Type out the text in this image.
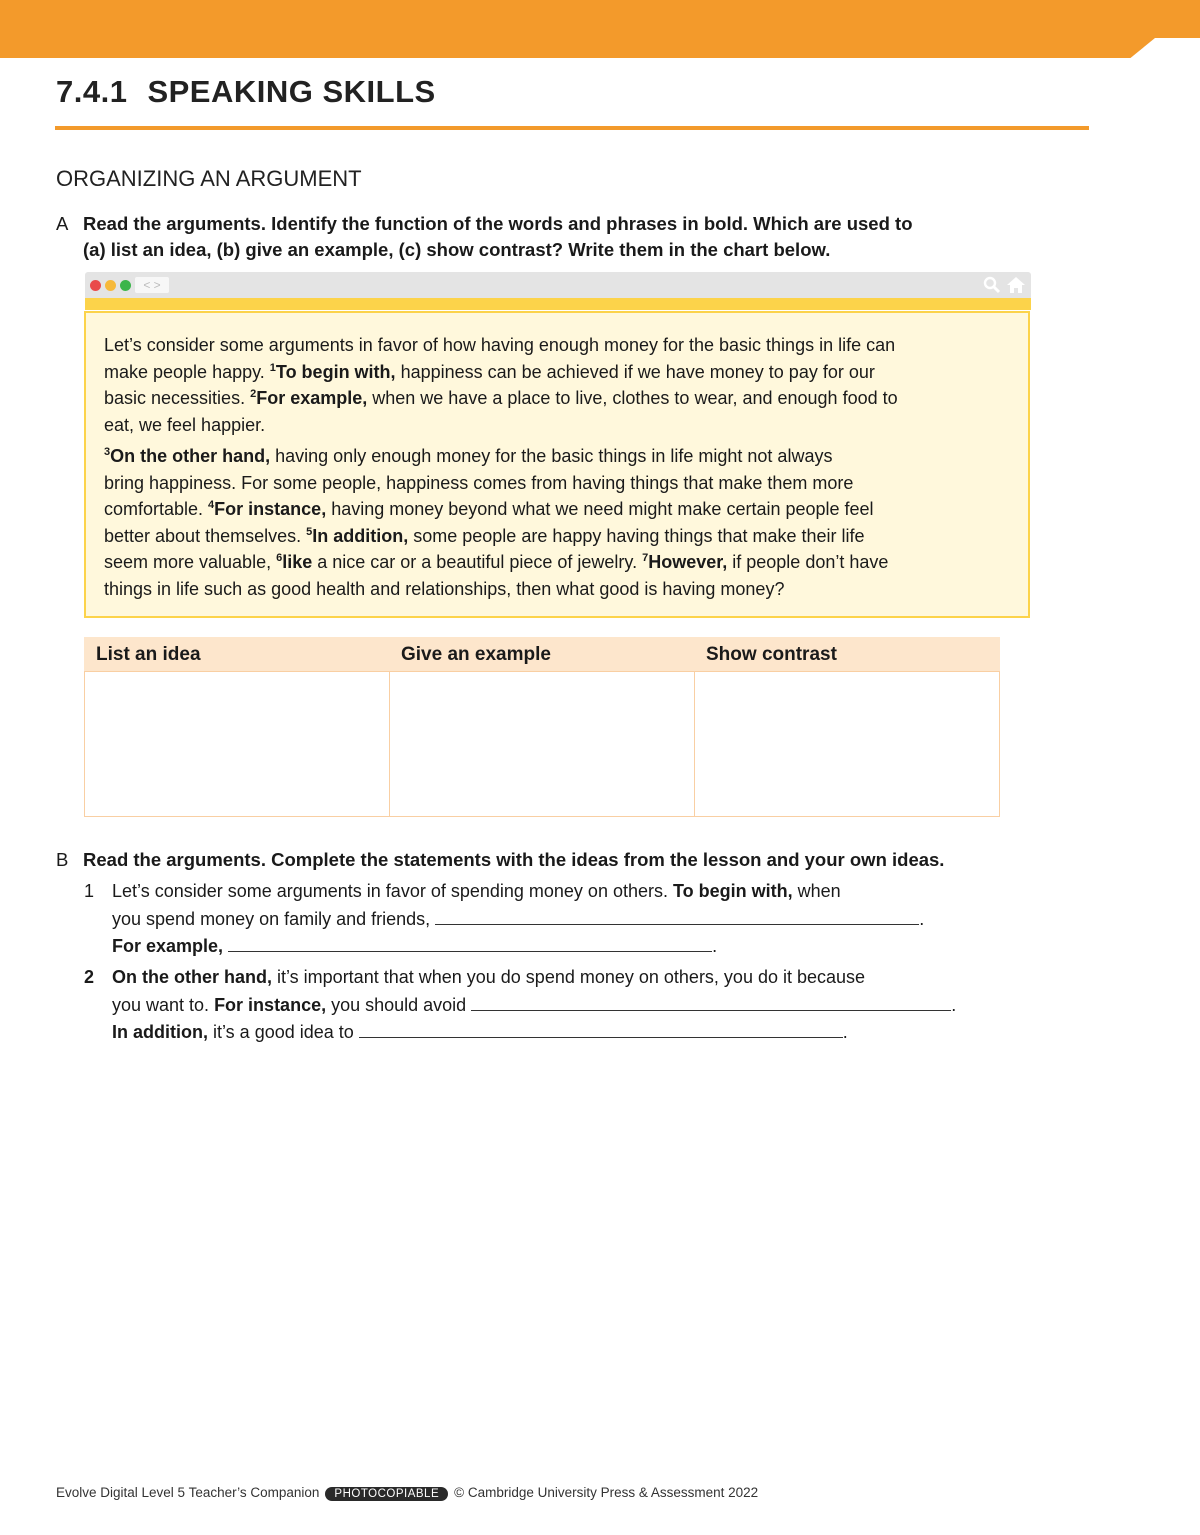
7.4.1 SPEAKING SKILLS
ORGANIZING AN ARGUMENT
A Read the arguments. Identify the function of the words and phrases in bold. Which are used to
(a) list an idea, (b) give an example, (c) show contrast? Write them in the chart below.
< >
Let’s consider some arguments in favor of how having enough money for the basic things in life can
make people happy. $^1$To begin with, happiness can be achieved if we have money to pay for our
basic necessities. $^2$For example, when we have a place to live, clothes to wear, and enough food to
eat, we feel happier.
$^3$On the other hand, having only enough money for the basic things in life might not always
bring happiness. For some people, happiness comes from having things that make them more
comfortable. $^4$For instance, having money beyond what we need might make certain people feel
better about themselves. $^5$In addition, some people are happy having things that make their life
seem more valuable, $^6$like a nice car or a beautiful piece of jewelry. $^7$However, if people don’t have
things in life such as good health and relationships, then what good is having money?
List an idea	Give an example	Show contrast
B Read the arguments. Complete the statements with the ideas from the lesson and your own ideas.
1 Let’s consider some arguments in favor of spending money on others. To begin with, when
you spend money on family and friends,	.
For example,	.
2 On the other hand, it’s important that when you do spend money on others, you do it because
you want to. For instance, you should avoid	.
In addition, it’s a good idea to	.
Evolve Digital Level 5 Teacher’s Companion PHOTOCOPIABLE © Cambridge University Press & Assessment 2022
